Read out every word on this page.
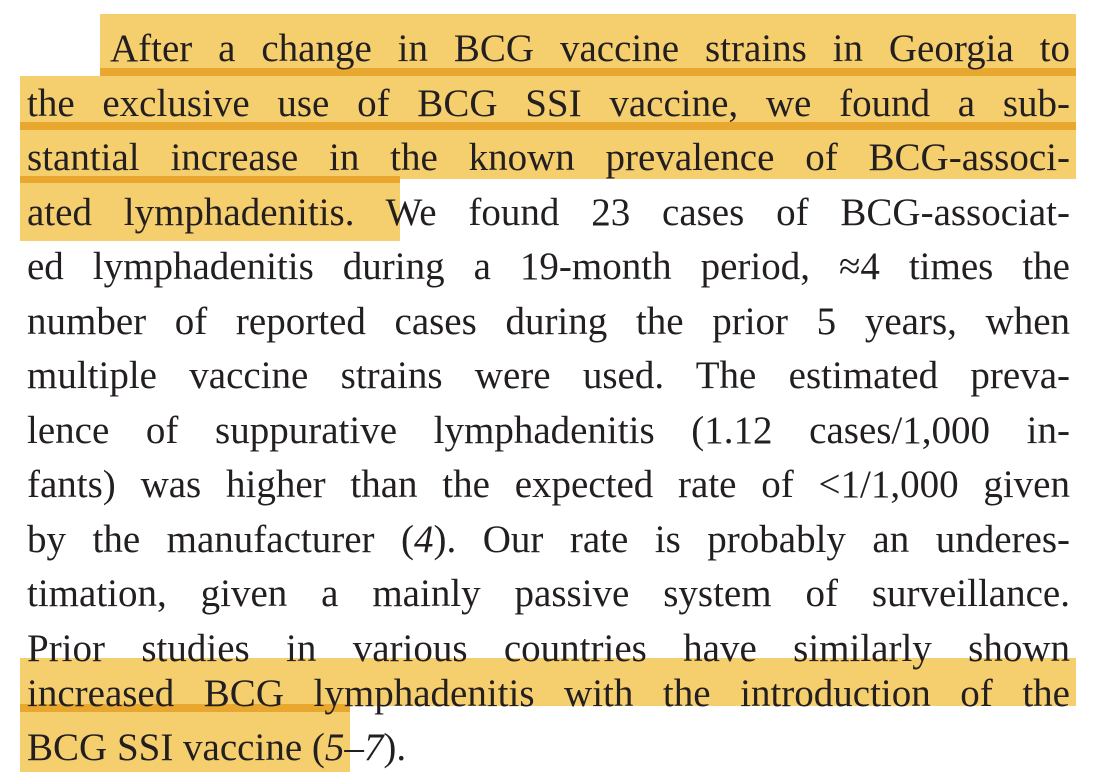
After a change in BCG vaccine strains in Georgia to
the exclusive use of BCG SSI vaccine, we found a sub-
stantial increase in the known prevalence of BCG-associ-
ated lymphadenitis. We found 23 cases of BCG-associat-
ed lymphadenitis during a 19-month period, ≈4 times the
number of reported cases during the prior 5 years, when
multiple vaccine strains were used. The estimated preva-
lence of suppurative lymphadenitis (1.12 cases/1,000 in-
fants) was higher than the expected rate of <1/1,000 given
by the manufacturer (4). Our rate is probably an underes-
timation, given a mainly passive system of surveillance.
Prior studies in various countries have similarly shown
increased BCG lymphadenitis with the introduction of the
BCG SSI vaccine (5–7).
